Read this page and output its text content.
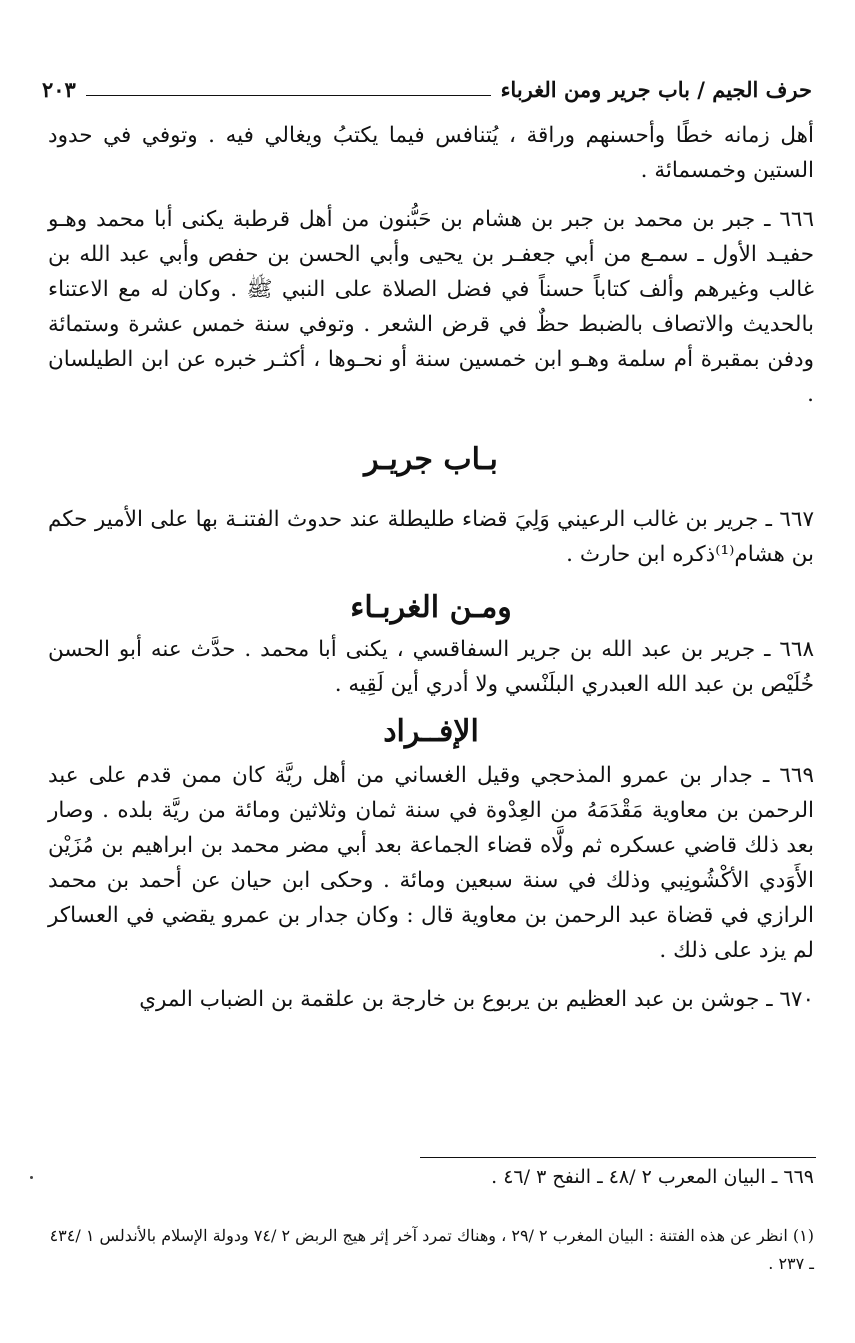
حرف الجيم / باب جرير ومن الغرباء
٢٠٣

أهل زمانه خطًا وأحسنهم وراقة ، يُتنافس فيما يكتبُ ويغالي فيه . وتوفي في حدود الستين وخمسمائة .

٦٦٦ ـ جبر بن محمد بن جبر بن هشام بن حَبُّنون من أهل قرطبة يكنى أبا محمد وهـو حفيـد الأول ـ سمـع من أبي جعفـر بن يحيى وأبي الحسن بن حفص وأبي عبد الله بن غالب وغيرهم وألف كتاباً حسناً في فضل الصلاة على النبي ﷺ . وكان له مع الاعتناء بالحديث والاتصاف بالضبط حظٌ في قرض الشعر . وتوفي سنة خمس عشرة وستمائة ودفن بمقبرة أم سلمة وهـو ابن خمسين سنة أو نحـوها ، أكثـر خبره عن ابن الطيلسان .

بـاب جريـر

٦٦٧ ـ جرير بن غالب الرعيني وَلِيَ قضاء طليطلة عند حدوث الفتنـة بها على الأمير حكم بن هشام⁽¹⁾ذكره ابن حارث .

ومـن الغربـاء

٦٦٨ ـ جرير بن عبد الله بن جرير السفاقسي ، يكنى أبا محمد . حدَّث عنه أبو الحسن خُلَيْص بن عبد الله العبدري البلَنْسي ولا أدري أين لَقِيه .

الإفــراد

٦٦٩ ـ جدار بن عمرو المذحجي وقيل الغساني من أهل ريَّة كان ممن قدم على عبد الرحمن بن معاوية مَقْدَمَهُ من العِدْوة في سنة ثمان وثلاثين ومائة من ريَّة بلده . وصار بعد ذلك قاضي عسكره ثم ولَّاه قضاء الجماعة بعد أبي مضر محمد بن ابراهيم بن مُزَيْن الأَوَدي الأكْشُونِبي وذلك في سنة سبعين ومائة . وحكى ابن حيان عن أحمد بن محمد الرازي في قضاة عبد الرحمن بن معاوية قال : وكان جدار بن عمرو يقضي في العساكر لم يزد على ذلك .

٦٧٠ ـ جوشن بن عبد العظيم بن يربوع بن خارجة بن علقمة بن الضباب المري

٦٦٩ ـ البيان المعرب ٢ /٤٨ ـ النفح ٣ /٤٦ .
(١) انظر عن هذه الفتنة : البيان المغرب ٢ /٢٩ ، وهناك تمرد آخر إثر هيج الربض ٢ /٧٤ ودولة الإسلام بالأندلس ١ /٤٣٤ ـ ٢٣٧ .
